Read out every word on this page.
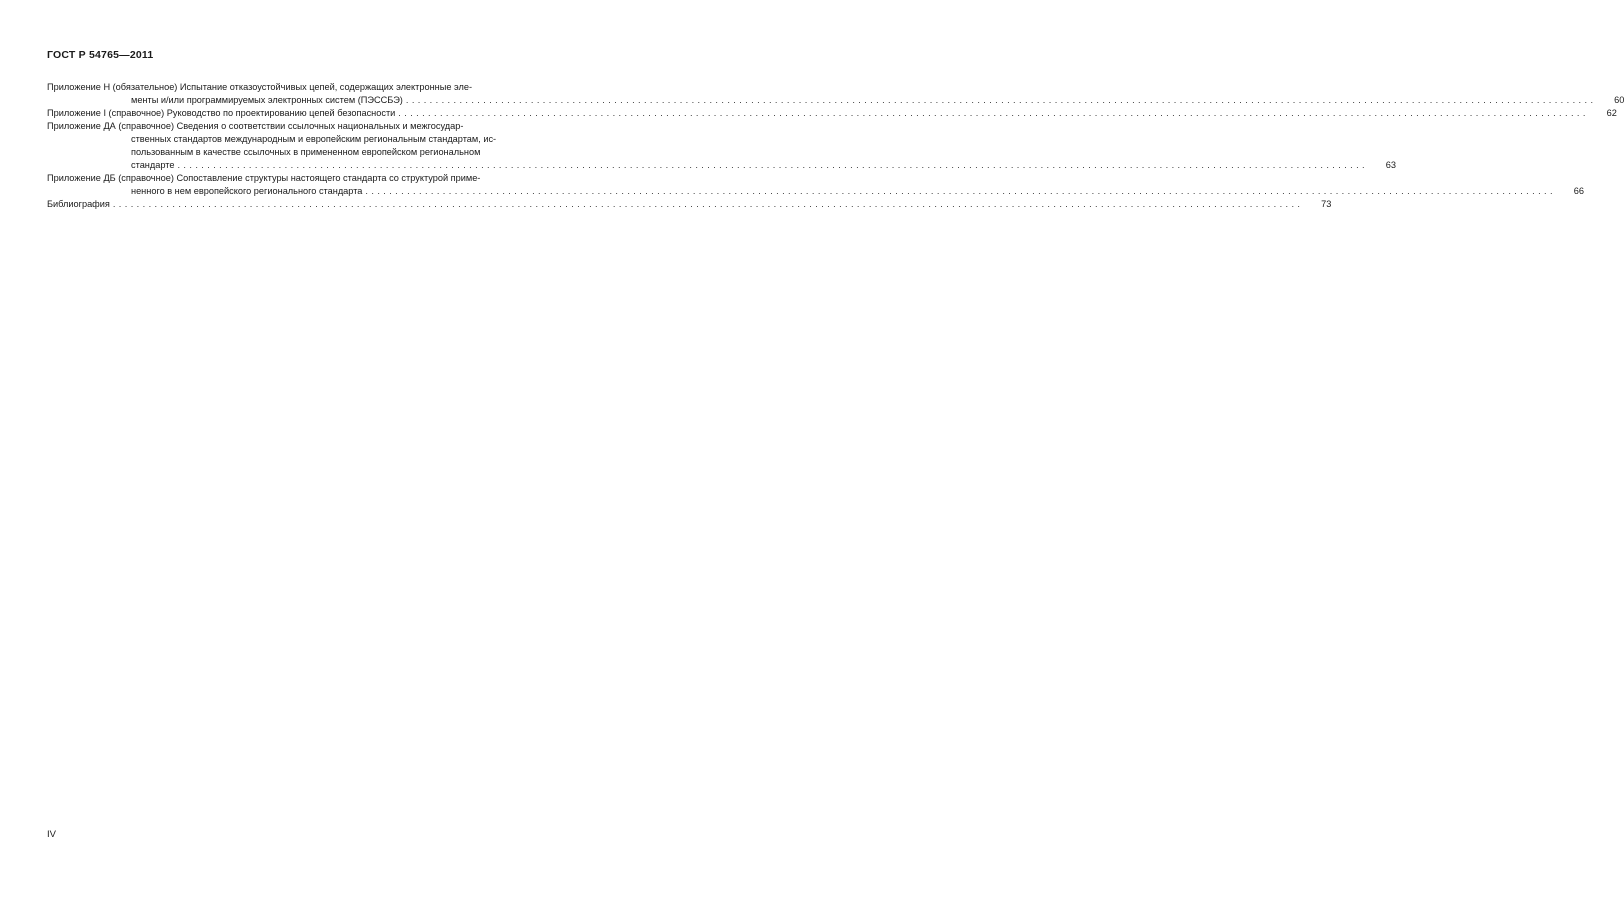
ГОСТ Р 54765—2011
Приложение Н (обязательное) Испытание отказоустойчивых цепей, содержащих электронные эле-
менты и/или программируемых электронных систем (ПЭССБЭ) ........................................................................................................................................................................................................	60
Приложение I (справочное) Руководство по проектированию цепей безопасности ........................................................................................................................................................................................................	62
Приложение ДА (справочное) Сведения о соответствии ссылочных национальных и межгосудар-
ственных стандартов международным и европейским региональным стандартам, ис-
пользованным в качестве ссылочных в примененном европейском региональном
стандарте ........................................................................................................................................................................................................	63
Приложение ДБ (справочное) Сопоставление структуры настоящего стандарта со структурой приме-
ненного в нем европейского регионального стандарта ........................................................................................................................................................................................................	66
Библиография ........................................................................................................................................................................................................	73
IV
